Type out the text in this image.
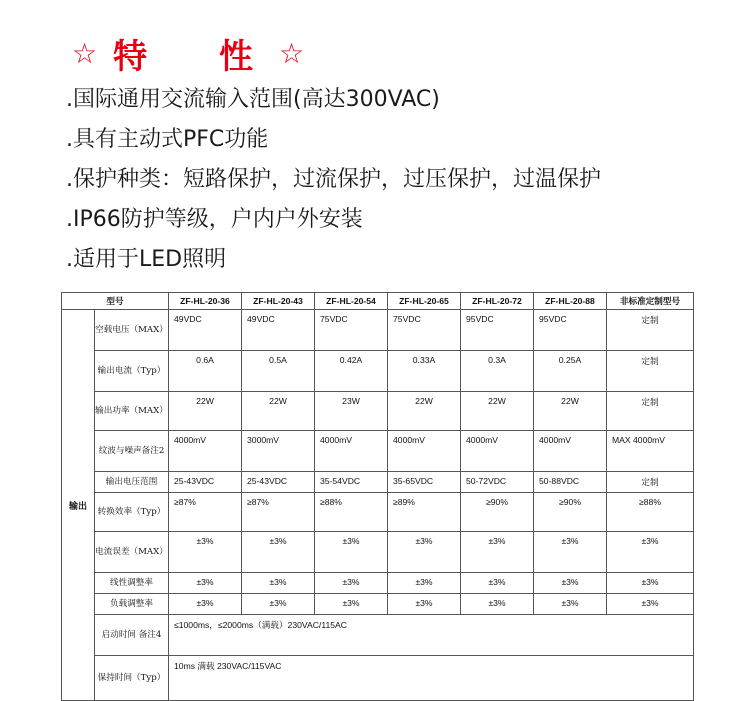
☆ 特 性
☆
.国际通用交流输入范围(高达300VAC)
.具有主动式PFC功能
.保护种类：短路保护，过流保护，过压保护，过温保护
.IP66防护等级，户内户外安装
.适用于LED照明
型号		ZF-HL-20-36	ZF-HL-20-43	ZF-HL-20-54	ZF-HL-20-65	ZF-HL-20-72	ZF-HL-20-88	非标准定制型号
输出	空载电压（MAX）	49VDC	49VDC	75VDC	75VDC	95VDC	95VDC	定制
	输出电流（Typ）	0.6A	0.5A	0.42A	0.33A	0.3A	0.25A	定制
	输出功率（MAX）	22W	22W	23W	22W	22W	22W	定制
	纹波与噪声备注2	4000mV	3000mV	4000mV	4000mV	4000mV	4000mV	MAX 4000mV
	输出电压范围	25-43VDC	25-43VDC	35-54VDC	35-65VDC	50-72VDC	50-88VDC	定制
	转换效率（Typ）	≥87%	≥87%	≥88%	≥89%	≥90%	≥90%	≥88%
	电流误差（MAX）	±3%	±3%	±3%	±3%	±3%	±3%	±3%
	线性调整率	±3%	±3%	±3%	±3%	±3%	±3%	±3%
	负载调整率	±3%	±3%	±3%	±3%	±3%	±3%	±3%
	启动时间 备注4	≤1000ms，≤2000ms（满载）230VAC/115AC						
	保持时间（Typ）	10ms 满载 230VAC/115VAC						
